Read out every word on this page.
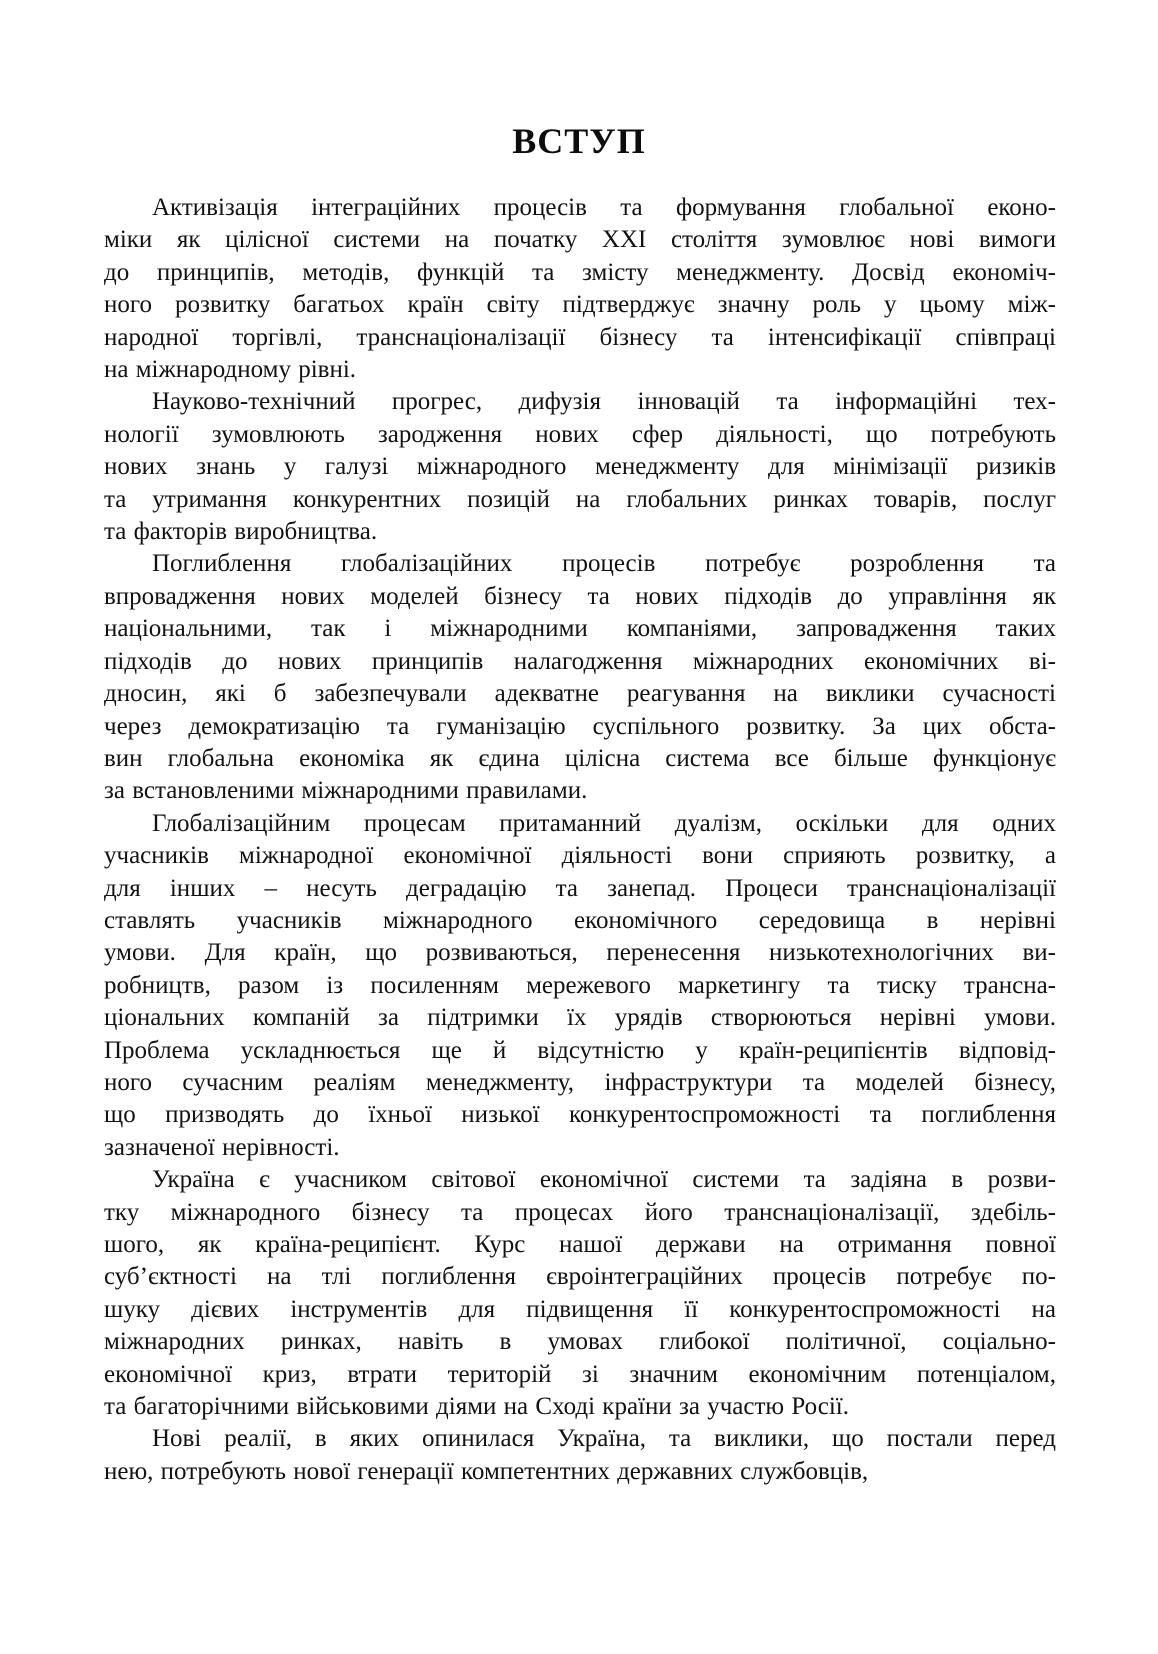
ВСТУП
Активізація інтеграційних процесів та формування глобальної еконо-
міки як цілісної системи на початку XXI століття зумовлює нові вимоги
до принципів, методів, функцій та змісту менеджменту. Досвід економіч-
ного розвитку багатьох країн світу підтверджує значну роль у цьому між-
народної торгівлі, транснаціоналізації бізнесу та інтенсифікації співпраці
на міжнародному рівні.
Науково-технічний прогрес, дифузія інновацій та інформаційні тех-
нології зумовлюють зародження нових сфер діяльності, що потребують
нових знань у галузі міжнародного менеджменту для мінімізації ризиків
та утримання конкурентних позицій на глобальних ринках товарів, послуг
та факторів виробництва.
Поглиблення глобалізаційних процесів потребує розроблення та
впровадження нових моделей бізнесу та нових підходів до управління як
національними, так і міжнародними компаніями, запровадження таких
підходів до нових принципів налагодження міжнародних економічних ві-
дносин, які б забезпечували адекватне реагування на виклики сучасності
через демократизацію та гуманізацію суспільного розвитку. За цих обста-
вин глобальна економіка як єдина цілісна система все більше функціонує
за встановленими міжнародними правилами.
Глобалізаційним процесам притаманний дуалізм, оскільки для одних
учасників міжнародної економічної діяльності вони сприяють розвитку, а
для інших – несуть деградацію та занепад. Процеси транснаціоналізації
ставлять учасників міжнародного економічного середовища в нерівні
умови. Для країн, що розвиваються, перенесення низькотехнологічних ви-
робництв, разом із посиленням мережевого маркетингу та тиску трансна-
ціональних компаній за підтримки їх урядів створюються нерівні умови.
Проблема ускладнюється ще й відсутністю у країн-реципієнтів відповід-
ного сучасним реаліям менеджменту, інфраструктури та моделей бізнесу,
що призводять до їхньої низької конкурентоспроможності та поглиблення
зазначеної нерівності.
Україна є учасником світової економічної системи та задіяна в розви-
тку міжнародного бізнесу та процесах його транснаціоналізації, здебіль-
шого, як країна-реципієнт. Курс нашої держави на отримання повної
суб’єктності на тлі поглиблення євроінтеграційних процесів потребує по-
шуку дієвих інструментів для підвищення її конкурентоспроможності на
міжнародних ринках, навіть в умовах глибокої політичної, соціально-
економічної криз, втрати територій зі значним економічним потенціалом,
та багаторічними військовими діями на Сході країни за участю Росії.
Нові реалії, в яких опинилася Україна, та виклики, що постали перед
нею, потребують нової генерації компетентних державних службовців,
